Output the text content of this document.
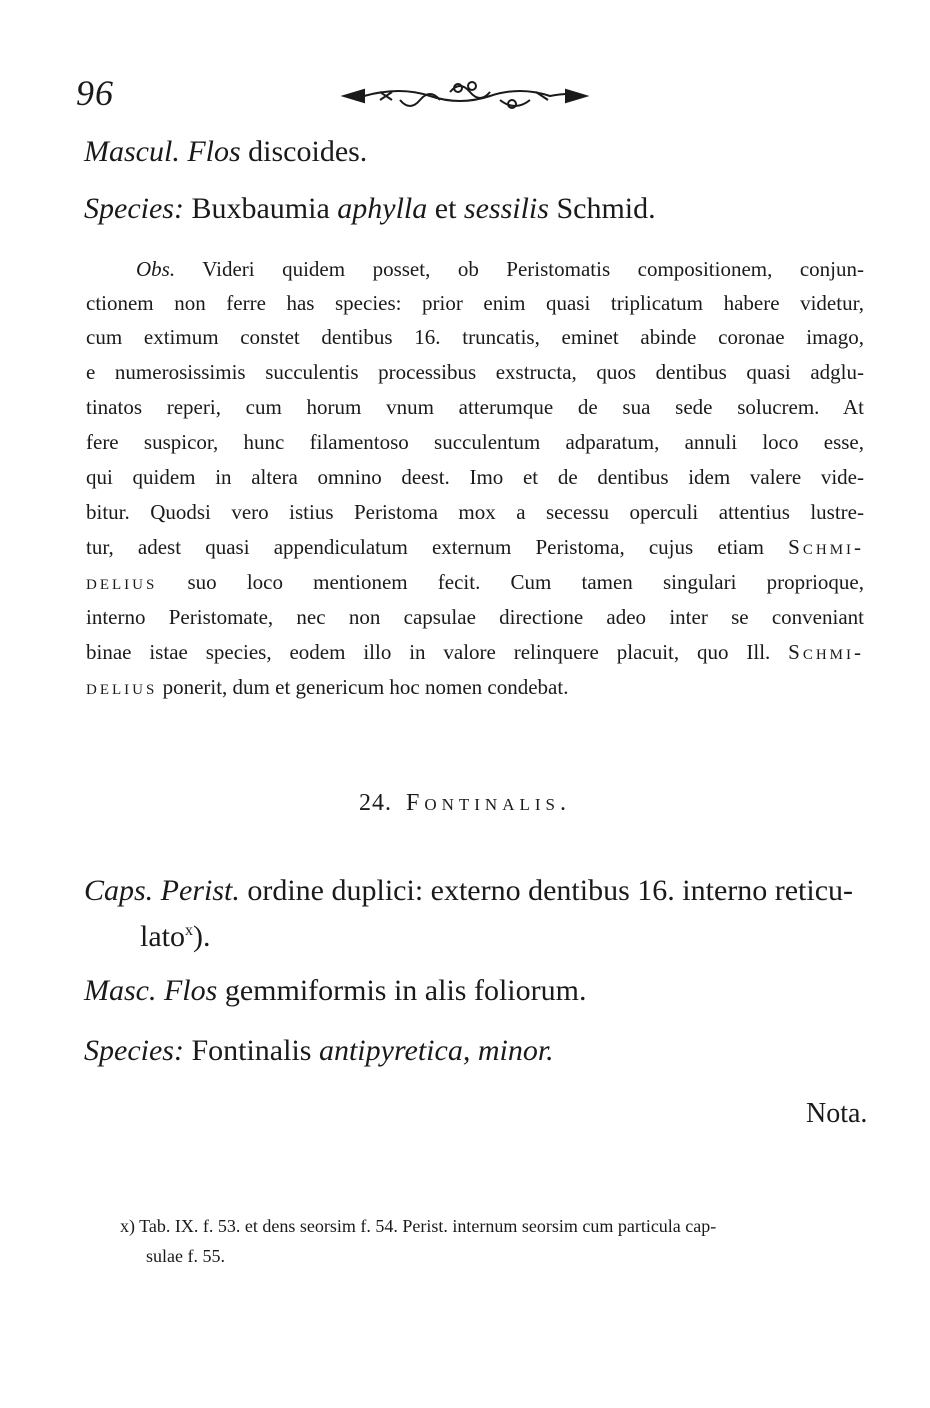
96
Mascul. Flos discoides.
Species: Buxbaumia aphylla et sessilis Schmid.
Obs. Videri quidem posset, ob Peristomatis compositionem, conjun-
ctionem non ferre has species: prior enim quasi triplicatum habere videtur,
cum extimum constet dentibus 16. truncatis, eminet abinde coronae imago,
e numerosissimis succulentis processibus exstructa, quos dentibus quasi adglu-
tinatos reperi, cum horum vnum atterumque de sua sede solucrem. At
fere suspicor, hunc filamentoso succulentum adparatum, annuli loco esse,
qui quidem in altera omnino deest. Imo et de dentibus idem valere vide-
bitur. Quodsi vero istius Peristoma mox a secessu operculi attentius lustre-
tur, adest quasi appendiculatum externum Peristoma, cujus etiam Schmi-
delius suo loco mentionem fecit. Cum tamen singulari proprioque,
interno Peristomate, nec non capsulae directione adeo inter se conveniant
binae istae species, eodem illo in valore relinquere placuit, quo Ill. Schmi-
delius ponerit, dum et genericum hoc nomen condebat.
24. Fontinalis.
Caps. Perist. ordine duplici: externo dentibus 16. interno reticu-
lato$^x$).
Masc. Flos gemmiformis in alis foliorum.
Species: Fontinalis antipyretica, minor.
Nota.
x) Tab. IX. f. 53. et dens seorsim f. 54. Perist. internum seorsim cum particula cap-
sulae f. 55.
